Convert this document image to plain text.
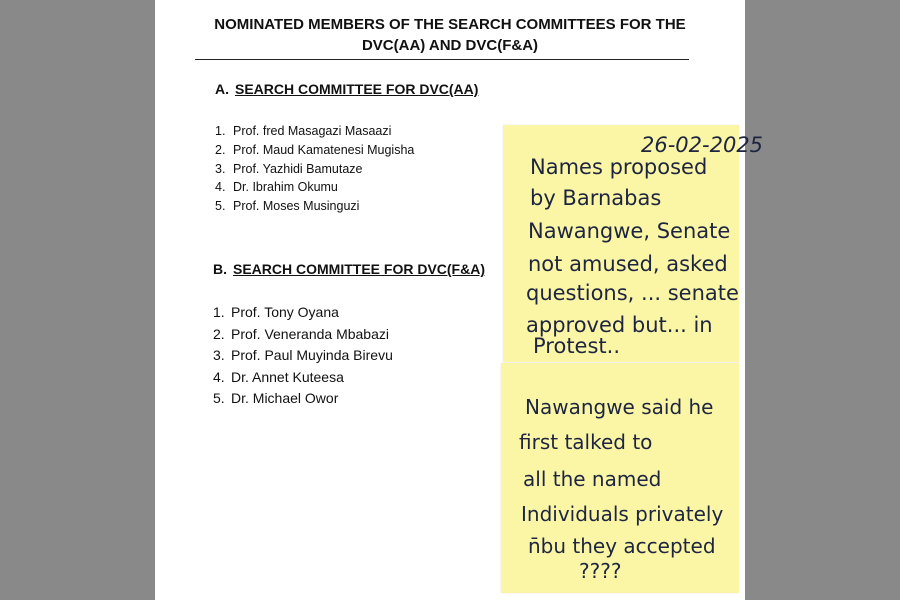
NOMINATED MEMBERS OF THE SEARCH COMMITTEES FOR THE
DVC(AA) AND DVC(F&A)
A. SEARCH COMMITTEE FOR DVC(AA)
1. Prof. fred Masagazi Masaazi
2. Prof. Maud Kamatenesi Mugisha
3. Prof. Yazhidi Bamutaze
4. Dr. Ibrahim Okumu
5. Prof. Moses Musinguzi
B. SEARCH COMMITTEE FOR DVC(F&A)
1. Prof. Tony Oyana
2. Prof. Veneranda Mbabazi
3. Prof. Paul Muyinda Birevu
4. Dr. Annet Kuteesa
5. Dr. Michael Owor
26-02-2025
Names proposed
by Barnabas
Nawangwe, Senate
not amused, asked
questions, ... senate
approved but... in
Protest..
Nawangwe said he
first talked to
all the named
Individuals privately
n̄bu they accepted
????
